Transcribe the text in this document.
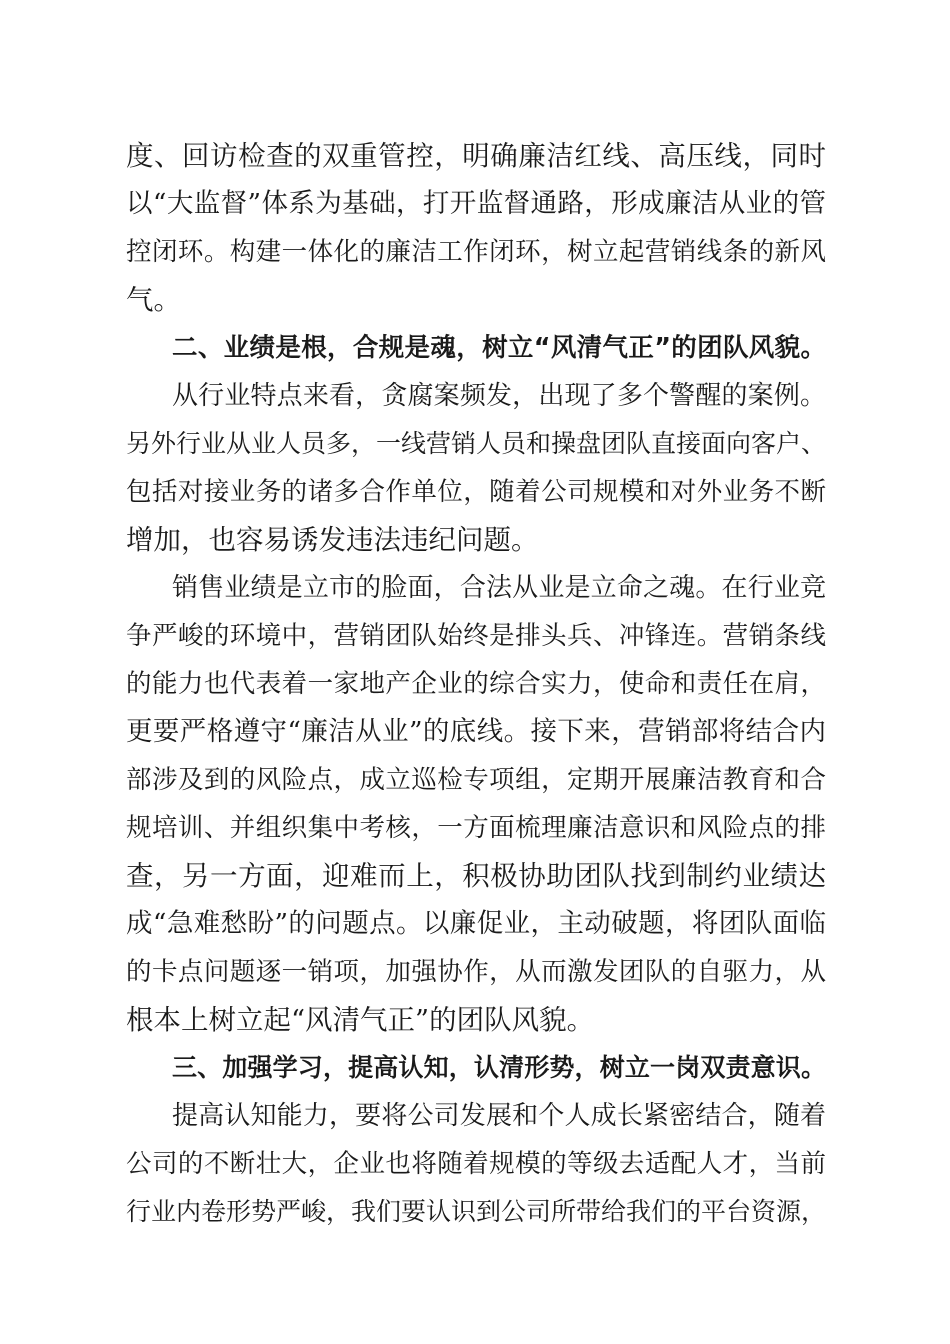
度、回访检查的双重管控，明确廉洁红线、高压线，同时
以“大监督”体系为基础，打开监督通路，形成廉洁从业的管
控闭环。构建一体化的廉洁工作闭环，树立起营销线条的新风
气。
二、业绩是根，合规是魂，树立“风清气正”的团队风貌。
从行业特点来看，贪腐案频发，出现了多个警醒的案例。
另外行业从业人员多，一线营销人员和操盘团队直接面向客户、
包括对接业务的诸多合作单位，随着公司规模和对外业务不断
增加，也容易诱发违法违纪问题。
销售业绩是立市的脸面，合法从业是立命之魂。在行业竞
争严峻的环境中，营销团队始终是排头兵、冲锋连。营销条线
的能力也代表着一家地产企业的综合实力，使命和责任在肩，
更要严格遵守“廉洁从业”的底线。接下来，营销部将结合内
部涉及到的风险点，成立巡检专项组，定期开展廉洁教育和合
规培训、并组织集中考核，一方面梳理廉洁意识和风险点的排
查，另一方面，迎难而上，积极协助团队找到制约业绩达
成“急难愁盼”的问题点。以廉促业，主动破题，将团队面临
的卡点问题逐一销项，加强协作，从而激发团队的自驱力，从
根本上树立起“风清气正”的团队风貌。
三、加强学习，提高认知，认清形势，树立一岗双责意识。
提高认知能力，要将公司发展和个人成长紧密结合，随着
公司的不断壮大，企业也将随着规模的等级去适配人才，当前
行业内卷形势严峻，我们要认识到公司所带给我们的平台资源，
